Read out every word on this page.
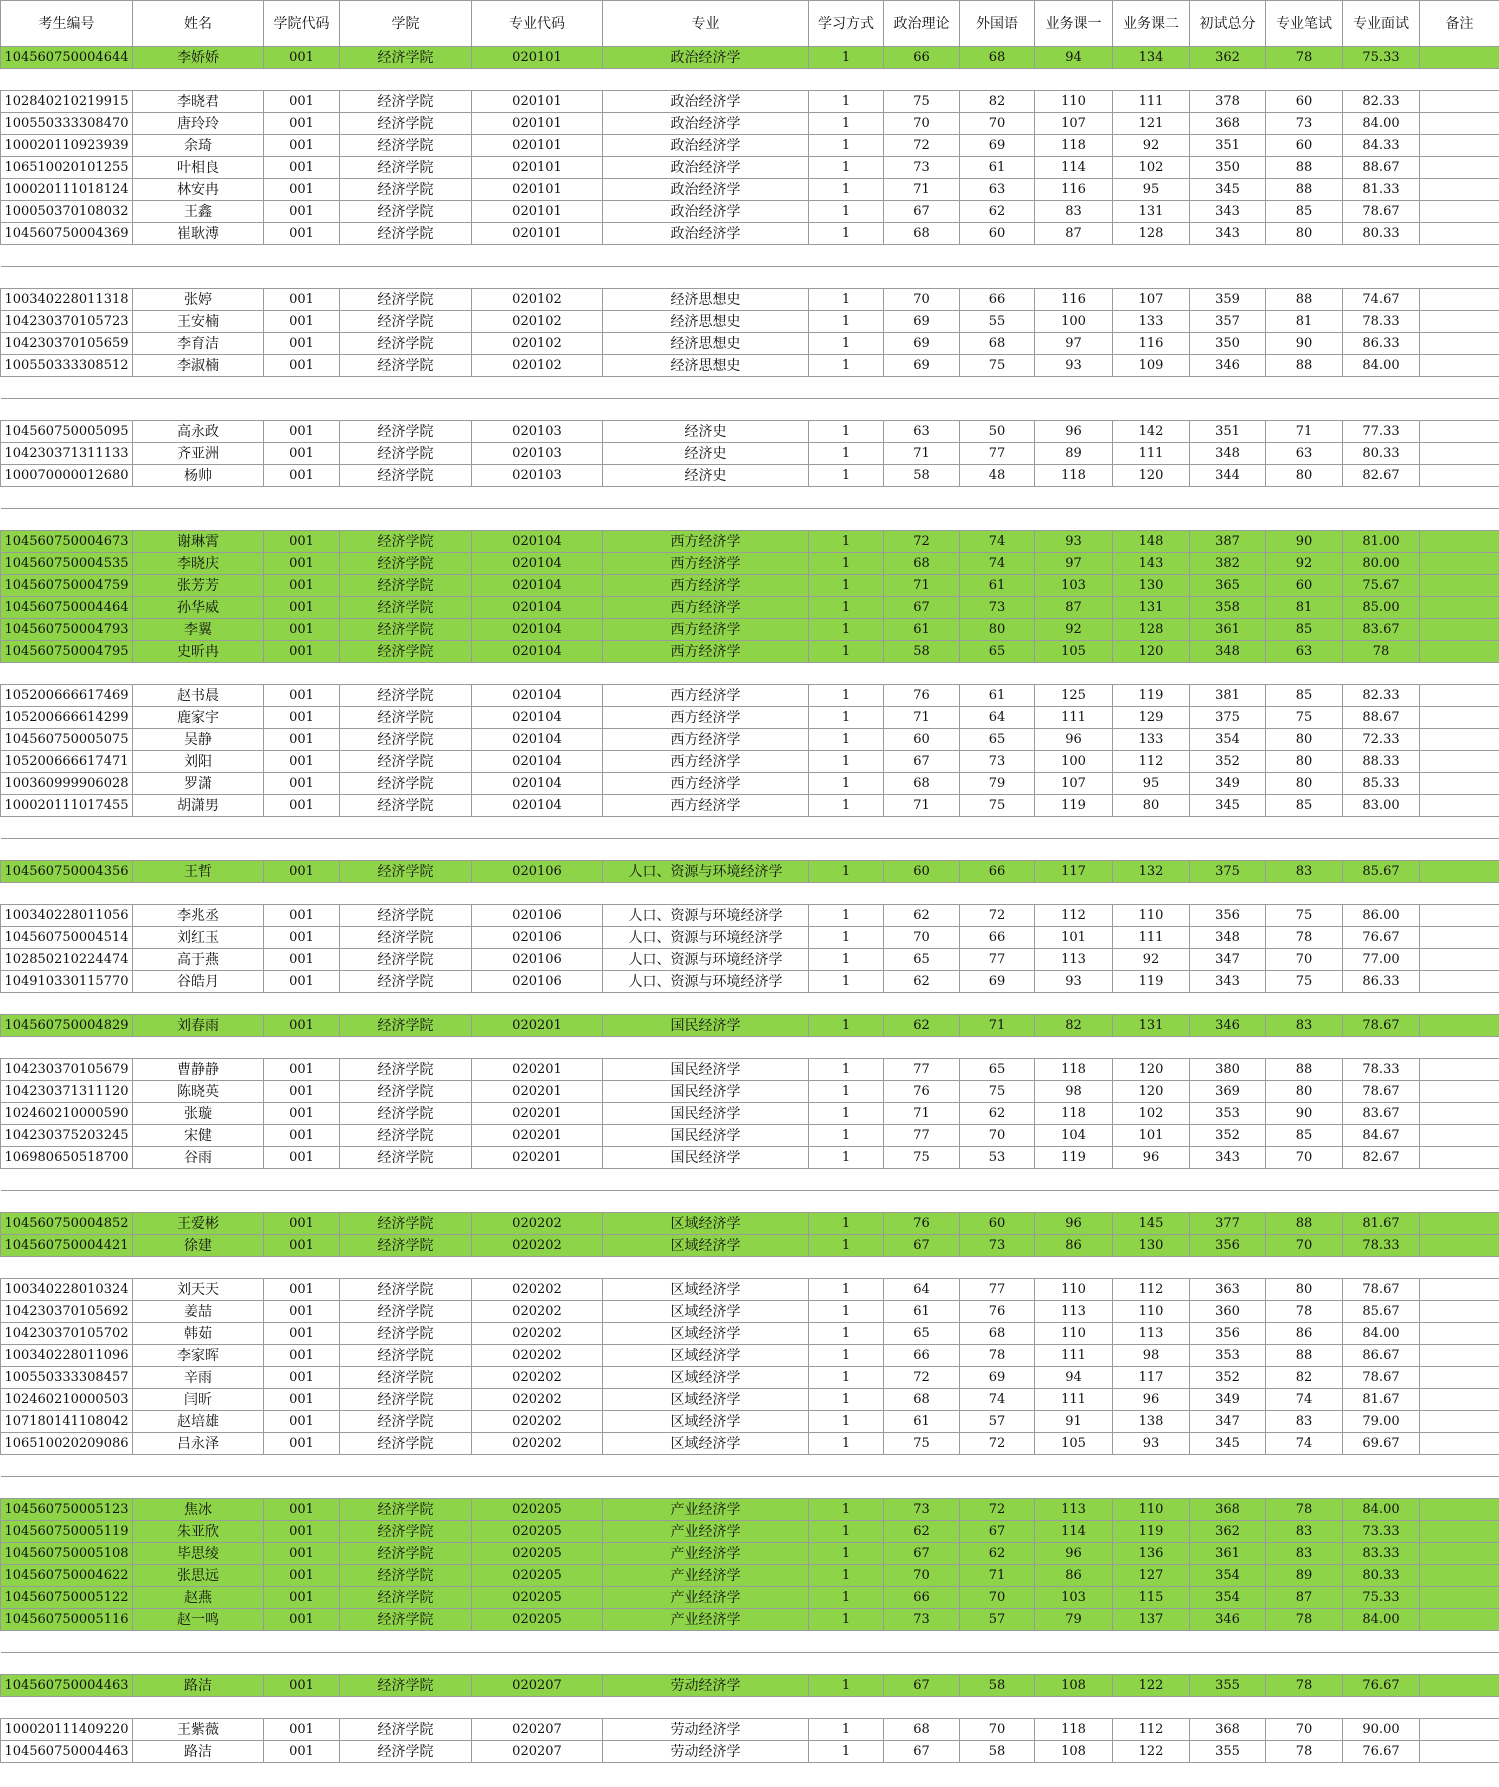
考生编号	姓名	学院代码	学院	专业代码	专业	学习方式	政治理论	外国语	业务课一	业务课二	初试总分	专业笔试	专业面试	备注
104560750004644	李娇娇	001	经济学院	020101	政治经济学	1	66	68	94	134	362	78	75.33	

102840210219915	李晓君	001	经济学院	020101	政治经济学	1	75	82	110	111	378	60	82.33	
100550333308470	唐玲玲	001	经济学院	020101	政治经济学	1	70	70	107	121	368	73	84.00	
100020110923939	余琦	001	经济学院	020101	政治经济学	1	72	69	118	92	351	60	84.33	
106510020101255	叶相良	001	经济学院	020101	政治经济学	1	73	61	114	102	350	88	88.67	
100020111018124	林安冉	001	经济学院	020101	政治经济学	1	71	63	116	95	345	88	81.33	
100050370108032	王鑫	001	经济学院	020101	政治经济学	1	67	62	83	131	343	85	78.67	
104560750004369	崔耿溥	001	经济学院	020101	政治经济学	1	68	60	87	128	343	80	80.33	

100340228011318	张婷	001	经济学院	020102	经济思想史	1	70	66	116	107	359	88	74.67	
104230370105723	王安楠	001	经济学院	020102	经济思想史	1	69	55	100	133	357	81	78.33	
104230370105659	李育洁	001	经济学院	020102	经济思想史	1	69	68	97	116	350	90	86.33	
100550333308512	李淑楠	001	经济学院	020102	经济思想史	1	69	75	93	109	346	88	84.00	

104560750005095	高永政	001	经济学院	020103	经济史	1	63	50	96	142	351	71	77.33	
104230371311133	齐亚洲	001	经济学院	020103	经济史	1	71	77	89	111	348	63	80.33	
100070000012680	杨帅	001	经济学院	020103	经济史	1	58	48	118	120	344	80	82.67	

104560750004673	谢琳霄	001	经济学院	020104	西方经济学	1	72	74	93	148	387	90	81.00	
104560750004535	李晓庆	001	经济学院	020104	西方经济学	1	68	74	97	143	382	92	80.00	
104560750004759	张芳芳	001	经济学院	020104	西方经济学	1	71	61	103	130	365	60	75.67	
104560750004464	孙华威	001	经济学院	020104	西方经济学	1	67	73	87	131	358	81	85.00	
104560750004793	李翼	001	经济学院	020104	西方经济学	1	61	80	92	128	361	85	83.67	
104560750004795	史昕冉	001	经济学院	020104	西方经济学	1	58	65	105	120	348	63	78	

105200666617469	赵书晨	001	经济学院	020104	西方经济学	1	76	61	125	119	381	85	82.33	
105200666614299	鹿家宇	001	经济学院	020104	西方经济学	1	71	64	111	129	375	75	88.67	
104560750005075	吴静	001	经济学院	020104	西方经济学	1	60	65	96	133	354	80	72.33	
105200666617471	刘阳	001	经济学院	020104	西方经济学	1	67	73	100	112	352	80	88.33	
100360999906028	罗潇	001	经济学院	020104	西方经济学	1	68	79	107	95	349	80	85.33	
100020111017455	胡潇男	001	经济学院	020104	西方经济学	1	71	75	119	80	345	85	83.00	

104560750004356	王哲	001	经济学院	020106	人口、资源与环境经济学	1	60	66	117	132	375	83	85.67	

100340228011056	李兆丞	001	经济学院	020106	人口、资源与环境经济学	1	62	72	112	110	356	75	86.00	
104560750004514	刘红玉	001	经济学院	020106	人口、资源与环境经济学	1	70	66	101	111	348	78	76.67	
102850210224474	高于燕	001	经济学院	020106	人口、资源与环境经济学	1	65	77	113	92	347	70	77.00	
104910330115770	谷皓月	001	经济学院	020106	人口、资源与环境经济学	1	62	69	93	119	343	75	86.33	

104560750004829	刘春雨	001	经济学院	020201	国民经济学	1	62	71	82	131	346	83	78.67	

104230370105679	曹静静	001	经济学院	020201	国民经济学	1	77	65	118	120	380	88	78.33	
104230371311120	陈晓英	001	经济学院	020201	国民经济学	1	76	75	98	120	369	80	78.67	
102460210000590	张璇	001	经济学院	020201	国民经济学	1	71	62	118	102	353	90	83.67	
104230375203245	宋健	001	经济学院	020201	国民经济学	1	77	70	104	101	352	85	84.67	
106980650518700	谷雨	001	经济学院	020201	国民经济学	1	75	53	119	96	343	70	82.67	

104560750004852	王爱彬	001	经济学院	020202	区域经济学	1	76	60	96	145	377	88	81.67	
104560750004421	徐建	001	经济学院	020202	区域经济学	1	67	73	86	130	356	70	78.33	

100340228010324	刘天天	001	经济学院	020202	区域经济学	1	64	77	110	112	363	80	78.67	
104230370105692	姜喆	001	经济学院	020202	区域经济学	1	61	76	113	110	360	78	85.67	
104230370105702	韩茹	001	经济学院	020202	区域经济学	1	65	68	110	113	356	86	84.00	
100340228011096	李家晖	001	经济学院	020202	区域经济学	1	66	78	111	98	353	88	86.67	
100550333308457	辛雨	001	经济学院	020202	区域经济学	1	72	69	94	117	352	82	78.67	
102460210000503	闫昕	001	经济学院	020202	区域经济学	1	68	74	111	96	349	74	81.67	
107180141108042	赵培雄	001	经济学院	020202	区域经济学	1	61	57	91	138	347	83	79.00	
106510020209086	吕永泽	001	经济学院	020202	区域经济学	1	75	72	105	93	345	74	69.67	

104560750005123	焦冰	001	经济学院	020205	产业经济学	1	73	72	113	110	368	78	84.00	
104560750005119	朱亚欣	001	经济学院	020205	产业经济学	1	62	67	114	119	362	83	73.33	
104560750005108	毕思绫	001	经济学院	020205	产业经济学	1	67	62	96	136	361	83	83.33	
104560750004622	张思远	001	经济学院	020205	产业经济学	1	70	71	86	127	354	89	80.33	
104560750005122	赵燕	001	经济学院	020205	产业经济学	1	66	70	103	115	354	87	75.33	
104560750005116	赵一鸣	001	经济学院	020205	产业经济学	1	73	57	79	137	346	78	84.00	

104560750004463	路洁	001	经济学院	020207	劳动经济学	1	67	58	108	122	355	78	76.67	

100020111409220	王紫薇	001	经济学院	020207	劳动经济学	1	68	70	118	112	368	70	90.00	
104560750004463	路洁	001	经济学院	020207	劳动经济学	1	67	58	108	122	355	78	76.67	
